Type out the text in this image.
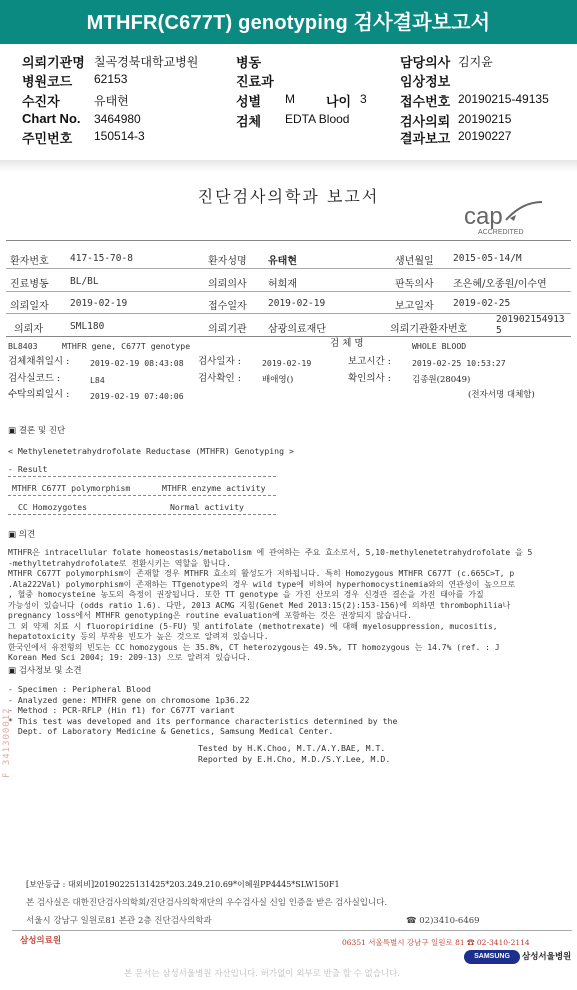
MTHFR(C677T) genotyping 검사결과보고서
의뢰기관명 칠곡경북대학교병원
병원코드 62153
수진자	유태현
Chart No. 3464980
주민번호 150514-3
병동
진료과
성별 M 나이 3
검체 EDTA Blood
담당의사 김지윤
임상정보
접수번호 20190215-49135
검사의뢰 20190215
결과보고 20190227
진단검사의학과 보고서
cap
ACCREDITED
환자번호 417-15-70-8	환자성명 유태현	생년월일 2015-05-14/M
진료병동 BL/BL	의뢰의사 허희재	판독의사 조은혜/오종원/이수연
의뢰일자 2019-02-19	접수일자 2019-02-19	보고일자 2019-02-25
의뢰자	SML180	의뢰기관 삼광의료재단	의뢰기관환자번호
201902154913
5
BL8403	MTHFR gene, C677T genotype	검 체 명	WHOLE BLOOD
검체채취일시 :	2019-02-19 08:43:08 검사일자 :	2019-02-19	보고시간 :	2019-02-25 10:53:27
검사실코드 :	L84	검사확인 : 배애영()	확인의사 : 김종원(28049)
수탁의뢰일시 :	2019-02-19 07:40:06	(전자서명 대체함)
▣ 결론 및 진단
< Methylenetetrahydrofolate Reductase (MTHFR) Genotyping >
- Result
MTHFR C677T polymorphism	MTHFR enzyme activity
CC Homozygotes	Normal activity
▣ 의견
MTHFR은 intracellular folate homeostasis/metabolism 에 관여하는 주요 효소로서, 5,10-methylenetetrahydrofolate 을 5
-methyltetrahydrofolate로 전환시키는 역할을 합니다.
MTHFR C677T polymorphism이 존재할 경우 MTHFR 효소의 활성도가 저하됩니다. 특히 Homozygous MTHFR C677T (c.665C>T, p
.Ala222Val) polymorphism이 존재하는 TTgenotype의 경우 wild type에 비하여 hyperhomocystinemia와의 연관성이 높으므로
, 혈중 homocysteine 농도의 측정이 권장됩니다. 또한 TT genotype 을 가진 산모의 경우 신경관 결손을 가진 태아를 가질
가능성이 있습니다 (odds ratio 1.6). 다만, 2013 ACMG 지침(Genet Med 2013:15(2):153-156)에 의하면 thrombophilia나
pregnancy loss에서 MTHFR genotyping은 routine evaluation에 포함하는 것은 권장되지 않습니다.
그 외 약제 치료 시 fluoropiridine (5-FU) 및 antifolate (methotrexate) 에 대해 myelosuppression, mucositis,
hepatotoxicity 등의 부작용 빈도가 높은 것으로 알려져 있습니다.
한국인에서 유전형의 빈도는 CC homozygous 는 35.8%, CT heterozygous는 49.5%, TT homozygous 는 14.7% (ref. : J
Korean Med Sci 2004; 19: 209-13) 으로 알려져 있습니다.
▣ 검사정보 및 소견
- Specimen : Peripheral Blood
- Analyzed gene: MTHFR gene on chromosome 1p36.22
- Method : PCR-RFLP (Hin f1) for C677T variant
* This test was developed and its performance characteristics determined by the
Dept. of Laboratory Medicine & Genetics, Samsung Medical Center.
Tested by H.K.Choo, M.T./A.Y.BAE, M.T.
Reported by E.H.Cho, M.D./S.Y.Lee, M.D.
F 341300012
[보안등급 : 대외비]20190225131425*203.249.210.69*이혜원PP4445*SLW150F1
본 검사실은 대한진단검사의학회/진단검사의학재단의 우수검사실 신임 인증을 받은 검사실입니다.
서울시 강남구 일원로81 본관 2층 진단검사의학과	☎ 02)3410-6469
삼성의료원	06351 서울특별시 강남구 일원로 81 ☎ 02-3410-2114
SAMSUNG	삼성서울병원
본 문서는 삼성서울병원 자산입니다. 허가없이 외부로 반출 할 수 없습니다.
